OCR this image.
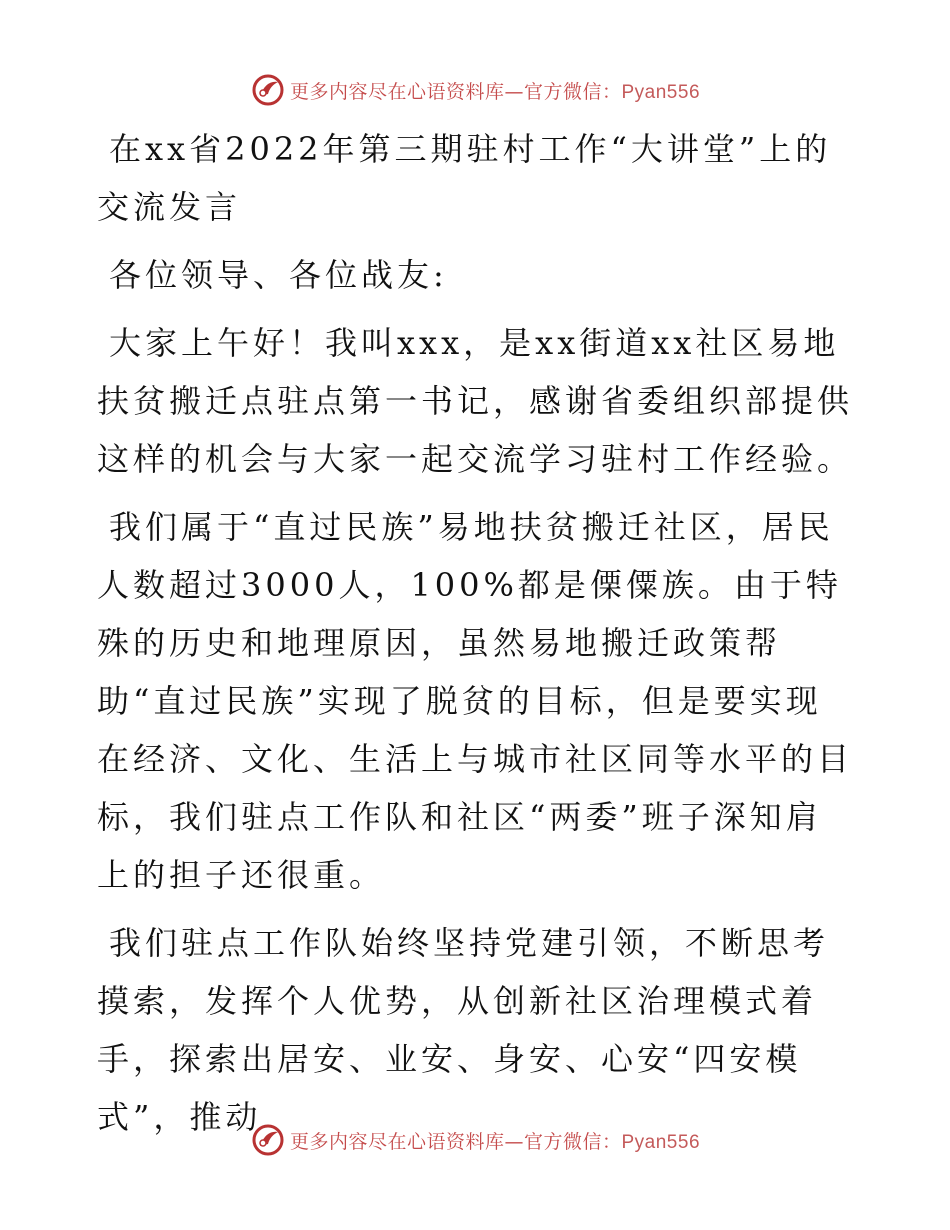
更多内容尽在心语资料库—官方微信：Pyan556

在xx省2022年第三期驻村工作“大讲堂”上的交流发言

各位领导、各位战友:

大家上午好！我叫xxx，是xx街道xx社区易地扶贫搬迁点驻点第一书记，感谢省委组织部提供这样的机会与大家一起交流学习驻村工作经验。

我们属于“直过民族”易地扶贫搬迁社区，居民人数超过3000人，100%都是傈僳族。由于特殊的历史和地理原因，虽然易地搬迁政策帮助“直过民族”实现了脱贫的目标，但是要实现在经济、文化、生活上与城市社区同等水平的目标，我们驻点工作队和社区“两委”班子深知肩上的担子还很重。

我们驻点工作队始终坚持党建引领，不断思考摸索，发挥个人优势，从创新社区治理模式着手，探索出居安、业安、身安、心安“四安模式”，推动

更多内容尽在心语资料库—官方微信：Pyan556
